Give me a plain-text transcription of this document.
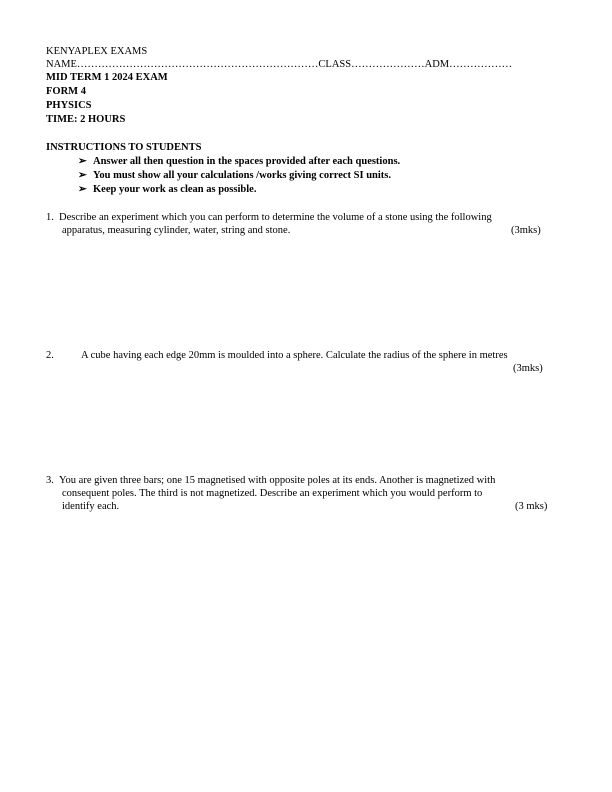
KENYAPLEX EXAMS
NAME……………………………………………………………CLASS…………………ADM………………
MID TERM 1 2024 EXAM
FORM 4
PHYSICS
TIME: 2 HOURS
INSTRUCTIONS TO STUDENTS
➢ Answer all then question in the spaces provided after each questions.
➢ You must show all your calculations /works giving correct SI units.
➢ Keep your work as clean as possible.
1. Describe an experiment which you can perform to determine the volume of a stone using the following
apparatus, measuring cylinder, water, string and stone.	(3mks)
2.	A cube having each edge 20mm is moulded into a sphere. Calculate the radius of the sphere in metres
(3mks)
3. You are given three bars; one 15 magnetised with opposite poles at its ends. Another is magnetized with
consequent poles. The third is not magnetized. Describe an experiment which you would perform to
identify each.	(3 mks)
